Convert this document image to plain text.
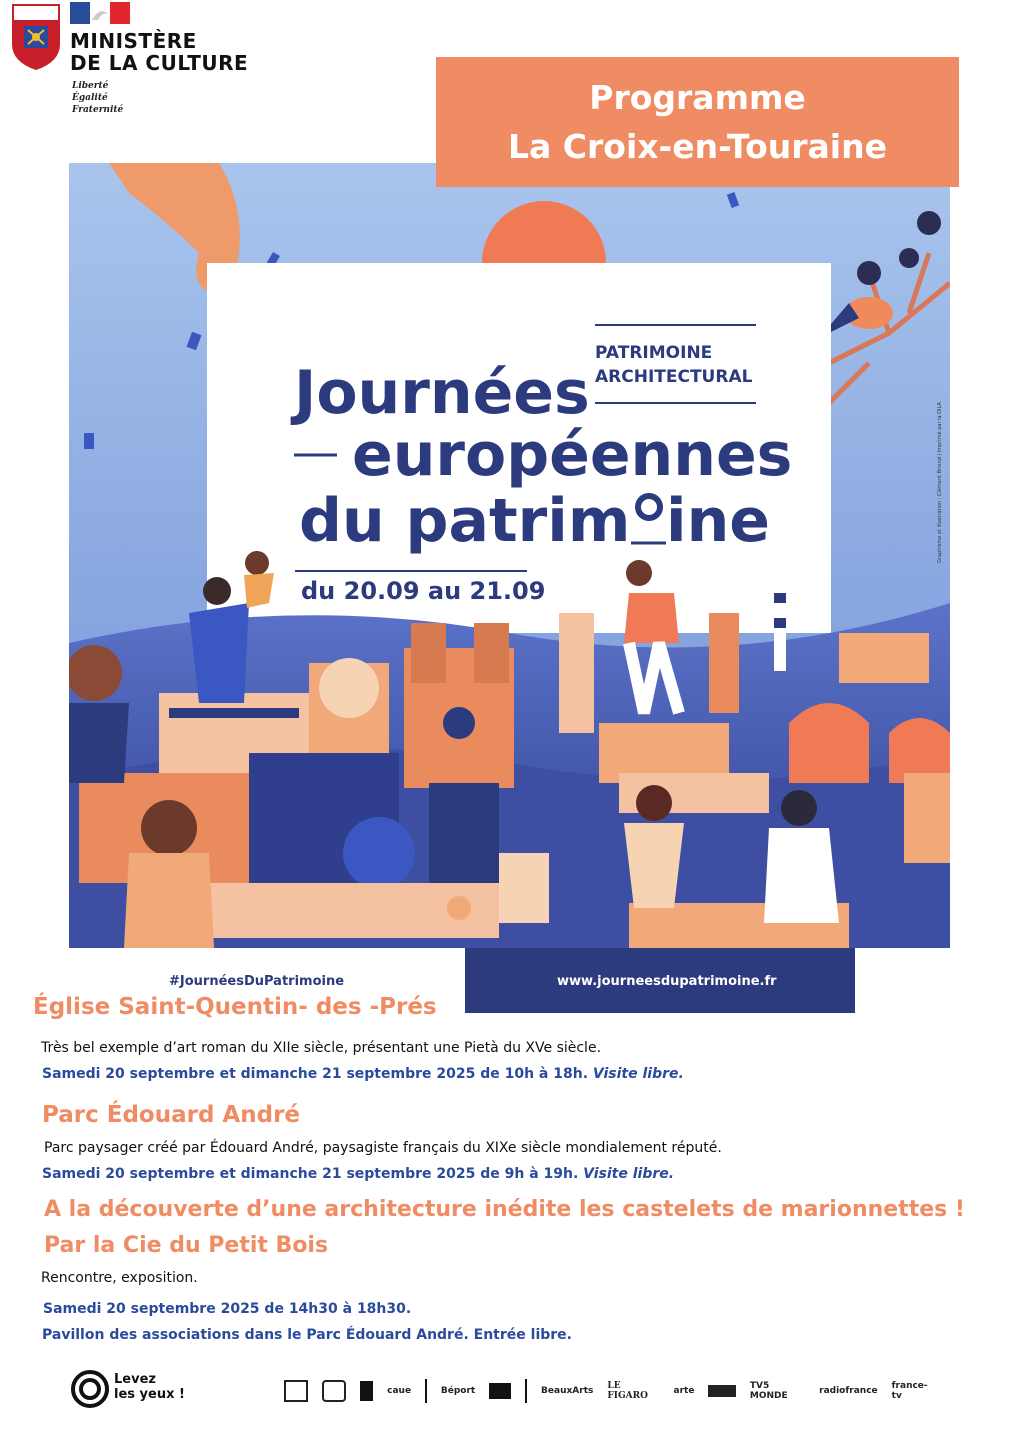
MINISTÈRE
DE LA CULTURE
Liberté
Égalité
Fraternité
PATRIMOINE
ARCHITECTURAL
Journées
européennes
du patrim ine
du 20.09 au 21.09
Graphisme et illustration : Clément Briend | Imprimé par la DILA
#JournéesDuPatrimoine	www.journeesdupatrimoine.fr
Programme
La Croix-en-Touraine
Église Saint-Quentin- des -Prés
Très bel exemple d’art roman du XIIe siècle, présentant une Pietà du XVe siècle.
Samedi 20 septembre et dimanche 21 septembre 2025 de 10h à 18h. Visite libre.
Parc Édouard André
Parc paysager créé par Édouard André, paysagiste français du XIXe siècle mondialement réputé.
Samedi 20 septembre et dimanche 21 septembre 2025 de 9h à 19h. Visite libre.
A la découverte d’une architecture inédite les castelets de marionnettes !
Par la Cie du Petit Bois
Rencontre, exposition.
Samedi 20 septembre 2025 de 14h30 à 18h30.
Pavillon des associations dans le Parc Édouard André. Entrée libre.
Levez
les yeux !	caue	Béport	BeauxArts LE FIGARO	arte	TV5 MONDE	radiofrance france-tv
